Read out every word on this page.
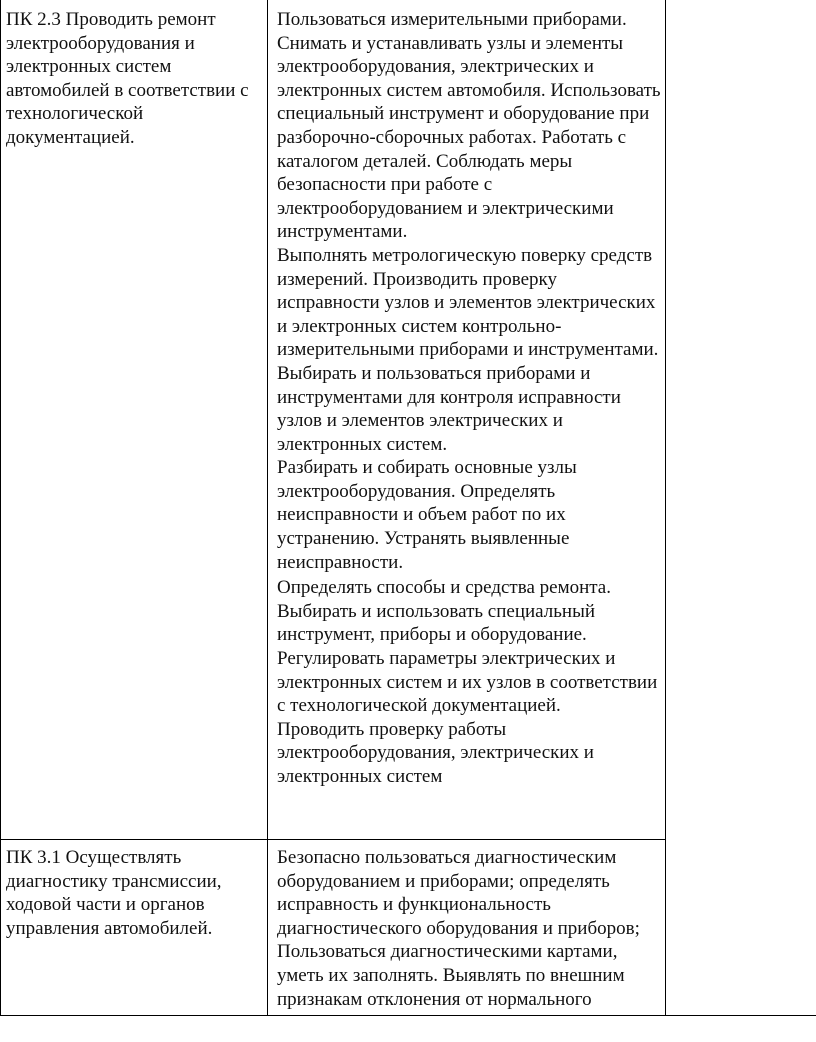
ПК 2.3 Проводить ремонт электрооборудования и электронных систем автомобилей в соответствии с технологической документацией.

Пользоваться измерительными приборами. Снимать и устанавливать узлы и элементы электрооборудования, электрических и электронных систем автомобиля. Использовать специальный инструмент и оборудование при разборочно-сборочных работах. Работать с каталогом деталей. Соблюдать меры безопасности при работе с электрооборудованием и электрическими инструментами.

Выполнять метрологическую поверку средств измерений. Производить проверку исправности узлов и элементов электрических и электронных систем контрольно-измерительными приборами и инструментами.

Выбирать и пользоваться приборами и инструментами для контроля исправности узлов и элементов электрических и электронных систем.

Разбирать и собирать основные узлы электрооборудования. Определять неисправности и объем работ по их устранению. Устранять выявленные неисправности.

Определять способы и средства ремонта. Выбирать и использовать специальный инструмент, приборы и оборудование. Регулировать параметры электрических и электронных систем и их узлов в соответствии с технологической документацией.

Проводить проверку работы электрооборудования, электрических и электронных систем

ПК 3.1 Осуществлять диагностику трансмиссии, ходовой части и органов управления автомобилей.

Безопасно пользоваться диагностическим оборудованием и приборами; определять исправность и функциональность диагностического оборудования и приборов; Пользоваться диагностическими картами, уметь их заполнять. Выявлять по внешним признакам отклонения от нормального
